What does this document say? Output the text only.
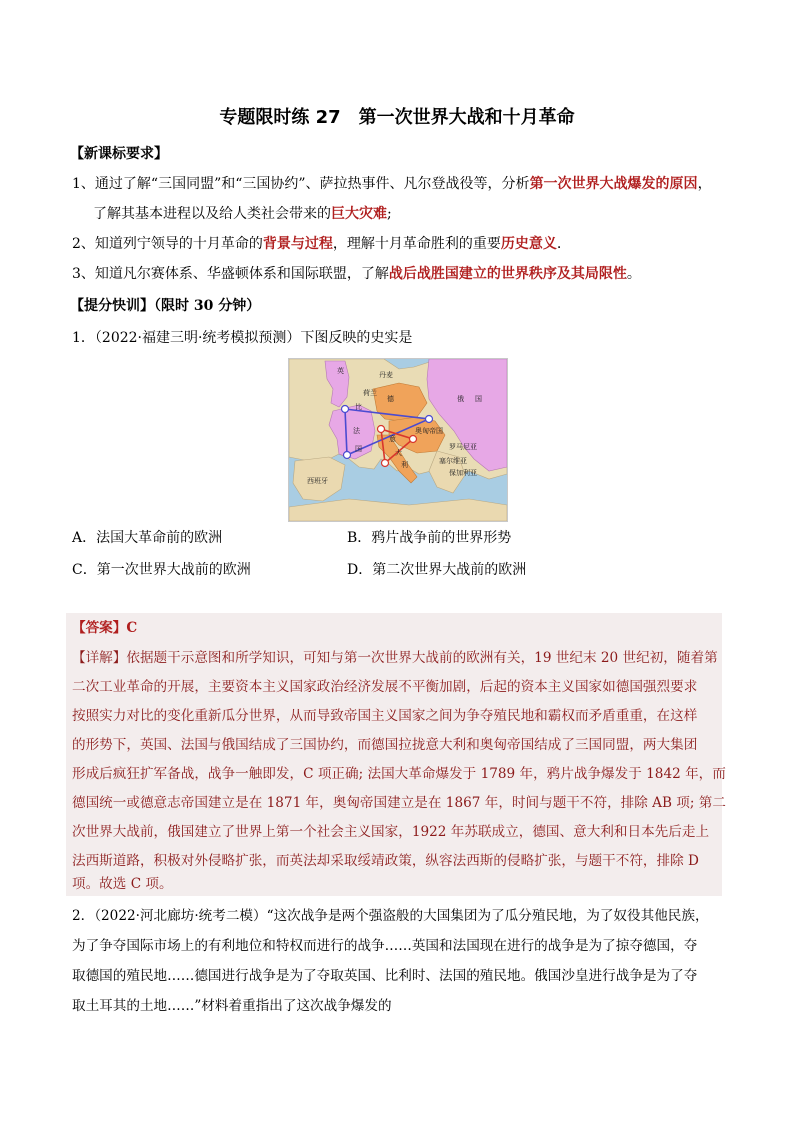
专题限时练 27　第一次世界大战和十月革命
【新课标要求】
1、通过了解“三国同盟”和“三国协约”、萨拉热事件、凡尔登战役等，分析第一次世界大战爆发的原因，
了解其基本进程以及给人类社会带来的巨大灾难;
2、知道列宁领导的十月革命的背景与过程，理解十月革命胜利的重要历史意义.
3、知道凡尔赛体系、华盛顿体系和国际联盟，了解战后战胜国建立的世界秩序及其局限性。
【提分快训】（限时 30 分钟）
1．（2022·福建三明·统考模拟预测）下图反映的史实是
英	丹麦
荷兰
比
德	俄 国
法
国
奥匈帝国
意
大
利
西班牙
罗马尼亚
塞尔维亚
保加利亚
A．法国大革命前的欧洲	B．鸦片战争前的世界形势
C．第一次世界大战前的欧洲	D．第二次世界大战前的欧洲
【答案】C
【详解】依据题干示意图和所学知识，可知与第一次世界大战前的欧洲有关，19 世纪末 20 世纪初，随着第
二次工业革命的开展，主要资本主义国家政治经济发展不平衡加剧，后起的资本主义国家如德国强烈要求
按照实力对比的变化重新瓜分世界，从而导致帝国主义国家之间为争夺殖民地和霸权而矛盾重重，在这样
的形势下，英国、法国与俄国结成了三国协约，而德国拉拢意大利和奥匈帝国结成了三国同盟，两大集团
形成后疯狂扩军备战，战争一触即发，C 项正确; 法国大革命爆发于 1789 年，鸦片战争爆发于 1842 年，而
德国统一或德意志帝国建立是在 1871 年，奥匈帝国建立是在 1867 年，时间与题干不符，排除 AB 项; 第二
次世界大战前，俄国建立了世界上第一个社会主义国家，1922 年苏联成立，德国、意大利和日本先后走上
法西斯道路，积极对外侵略扩张，而英法却采取绥靖政策，纵容法西斯的侵略扩张，与题干不符，排除 D
项。故选 C 项。
2．（2022·河北廊坊·统考二模）“这次战争是两个强盗般的大国集团为了瓜分殖民地，为了奴役其他民族，
为了争夺国际市场上的有利地位和特权而进行的战争……英国和法国现在进行的战争是为了掠夺德国，夺
取德国的殖民地……德国进行战争是为了夺取英国、比利时、法国的殖民地。俄国沙皇进行战争是为了夺
取土耳其的土地……”材料着重指出了这次战争爆发的
